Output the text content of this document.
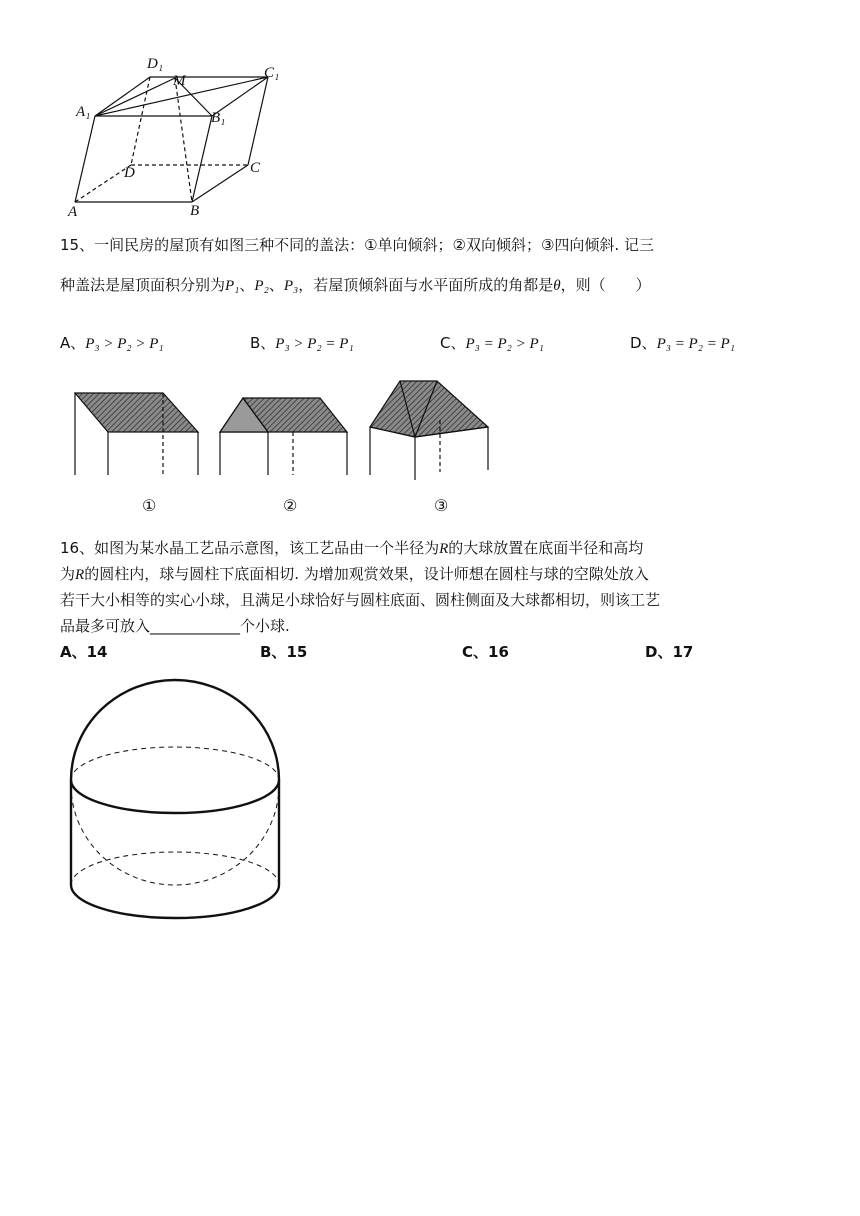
D₁
M	C₁
A₁	B₁
D	C
A	B
15、一间民房的屋顶有如图三种不同的盖法：①单向倾斜；②双向倾斜；③四向倾斜. 记三
种盖法是屋顶面积分别为P₁、P₂、P₃，若屋顶倾斜面与水平面所成的角都是θ，则（　　）
A、P₃ > P₂ > P₁	B、P₃ > P₂ = P₁	C、P₃ = P₂ > P₁	D、P₃ = P₂ = P₁
①	②	③
16、如图为某水晶工艺品示意图，该工艺品由一个半径为R的大球放置在底面半径和高均
为R的圆柱内，球与圆柱下底面相切. 为增加观赏效果，设计师想在圆柱与球的空隙处放入
若干大小相等的实心小球，且满足小球恰好与圆柱底面、圆柱侧面及大球都相切，则该工艺
品最多可放入____________个小球.
A、14	B、15	C、16	D、17
